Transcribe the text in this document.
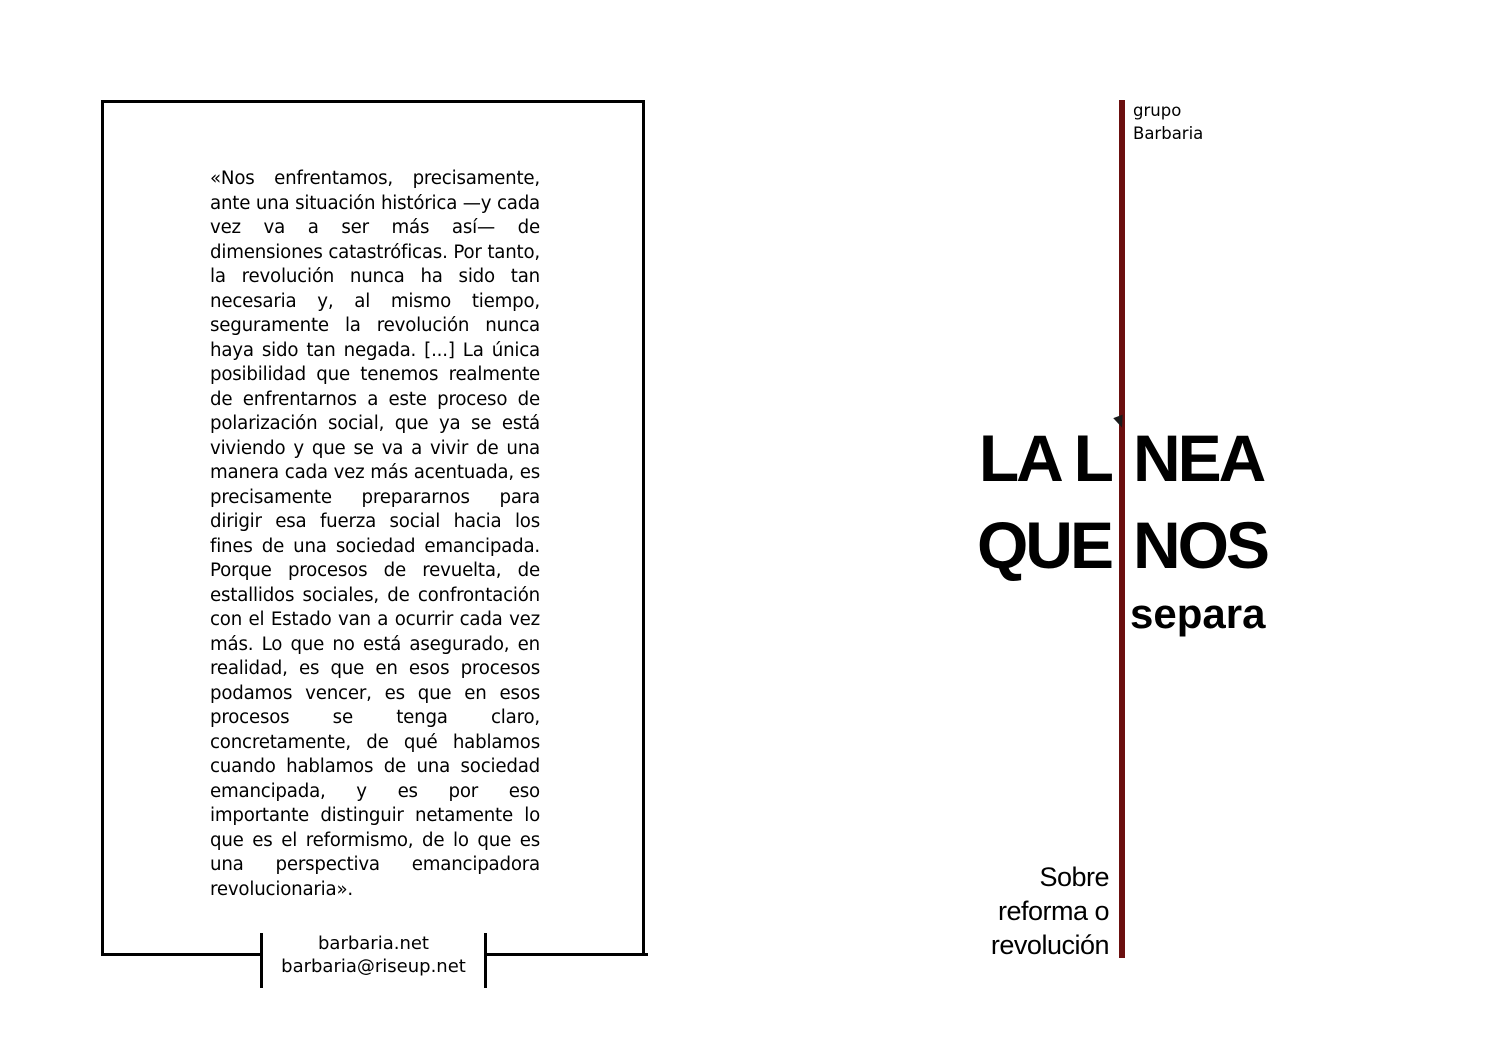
«Nos enfrentamos, precisamente, ante una situación histórica —y cada vez va a ser más así— de dimensiones catastróficas. Por tanto, la revolución nunca ha sido tan necesaria y, al mismo tiempo, seguramente la revolución nunca haya sido tan negada. [...] La única posibilidad que tenemos realmente de enfrentarnos a este proceso de polarización social, que ya se está viviendo y que se va a vivir de una manera cada vez más acentuada, es precisamente prepararnos para dirigir esa fuerza social hacia los fines de una sociedad emancipada. Porque procesos de revuelta, de estallidos sociales, de confrontación con el Estado van a ocurrir cada vez más. Lo que no está asegurado, en realidad, es que en esos procesos podamos vencer, es que en esos procesos se tenga claro, concretamente, de qué hablamos cuando hablamos de una sociedad emancipada, y es por eso importante distinguir netamente lo que es el reformismo, de lo que es una perspectiva emancipadora revolucionaria».

barbaria.net
barbaria@riseup.net
grupo
Barbaria
LA L NEA
QUE NOS
separa
Sobre
reforma o
revolución
